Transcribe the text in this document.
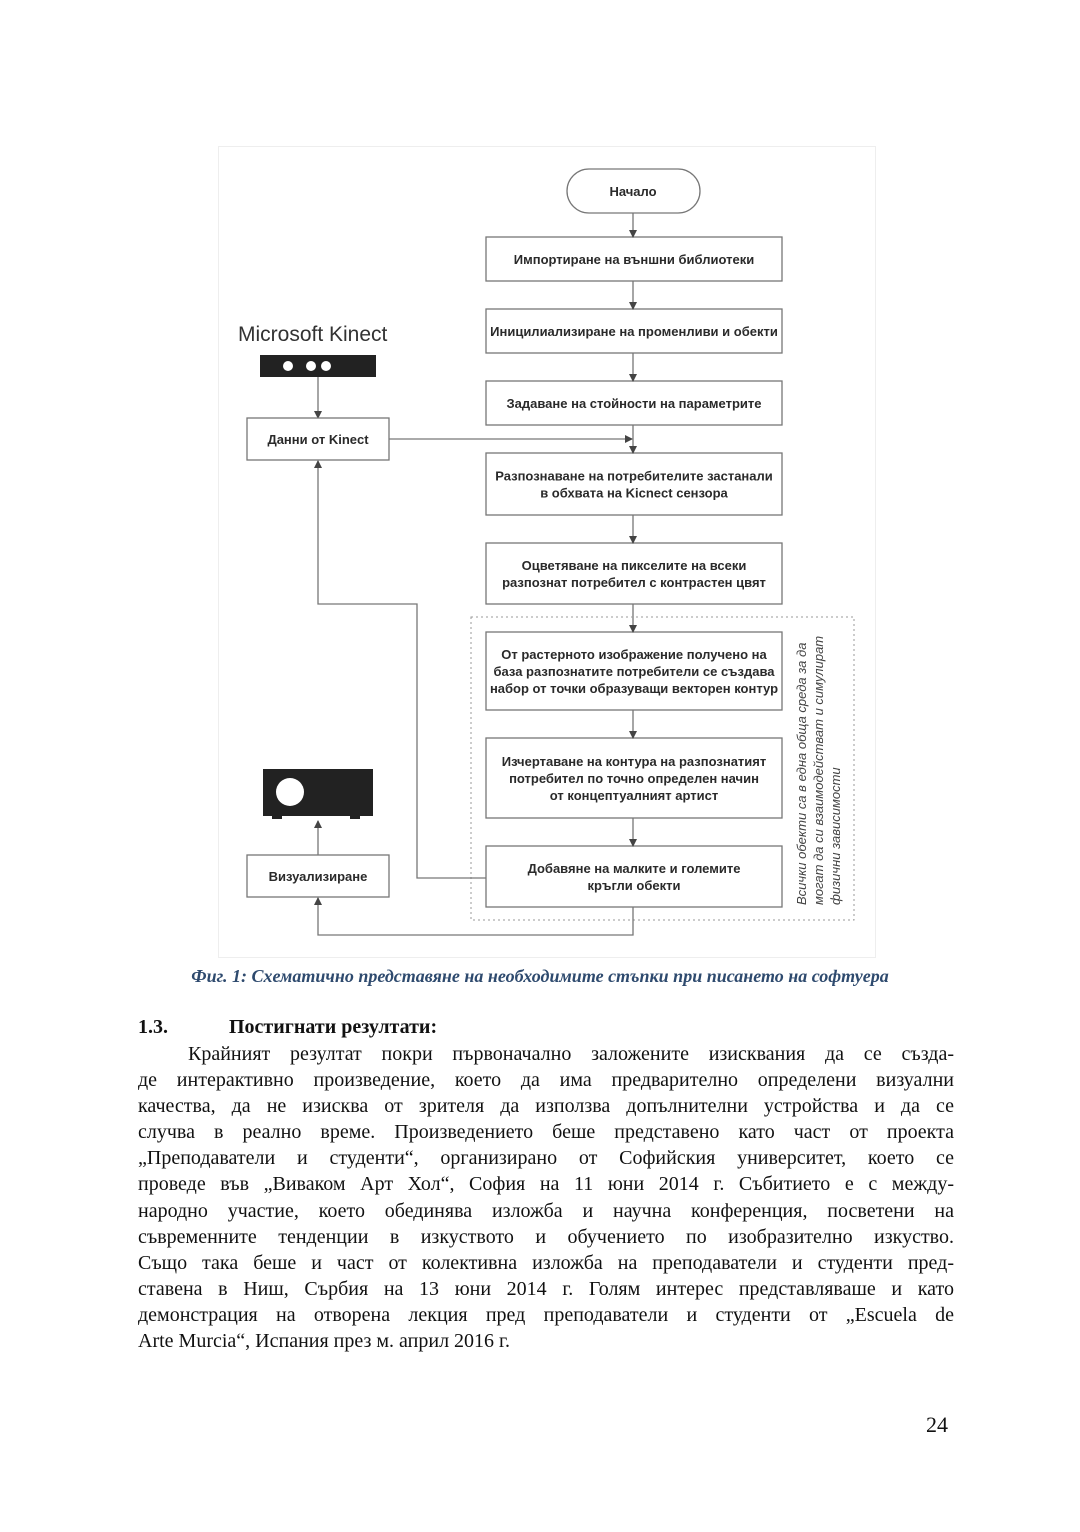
Начало
Импортиране на външни библиотеки
Иницилиализиране на променливи и обекти
Задаване на стойности на параметрите
Разпознаване на потребителите застанали
в обхвата на Kicnect сензора
Оцветяване на пикселите на всеки
разпознат потребител с контрастен цвят
От растерното изображение получено на
база разпознатите потребители се създава
набор от точки образуващи векторен контур
Изчертаване на контура на разпознатият
потребител по точно определен начин
от концептуалният артист
Добавяне на малките и големите
кръгли обекти	Всички обекти са в една обща среда за да могат да си взаимодействат и симулират физични зависимости
Microsoft Kinect
Данни от Kinect
Визуализиране
Фиг. 1: Схематично представяне на необходимите стъпки при писането на софтуера
1.3.	Постигнати резултати:
Крайният резултат покри първоначално заложените изисквания да се създа-
де интерактивно произведение, което да има предварително определени визуални
качества, да не изисква от зрителя да използва допълнителни устройства и да се
случва в реално време. Произведението беше представено като част от проекта
„Преподаватели и студенти“, организирано от Софийския университет, което се
проведе във „Виваком Арт Хол“, София на 11 юни 2014 г. Събитието е с между-
народно участие, което обединява изложба и научна конференция, посветени на
съвременните тенденции в изкуството и обучението по изобразително изкуство.
Също така беше и част от колективна изложба на преподаватели и студенти пред-
ставена в Ниш, Сърбия на 13 юни 2014 г. Голям интерес представляваше и като
демонстрация на отворена лекция пред преподаватели и студенти от „Escuela de
Arte Murcia“, Испания през м. април 2016 г.
24
